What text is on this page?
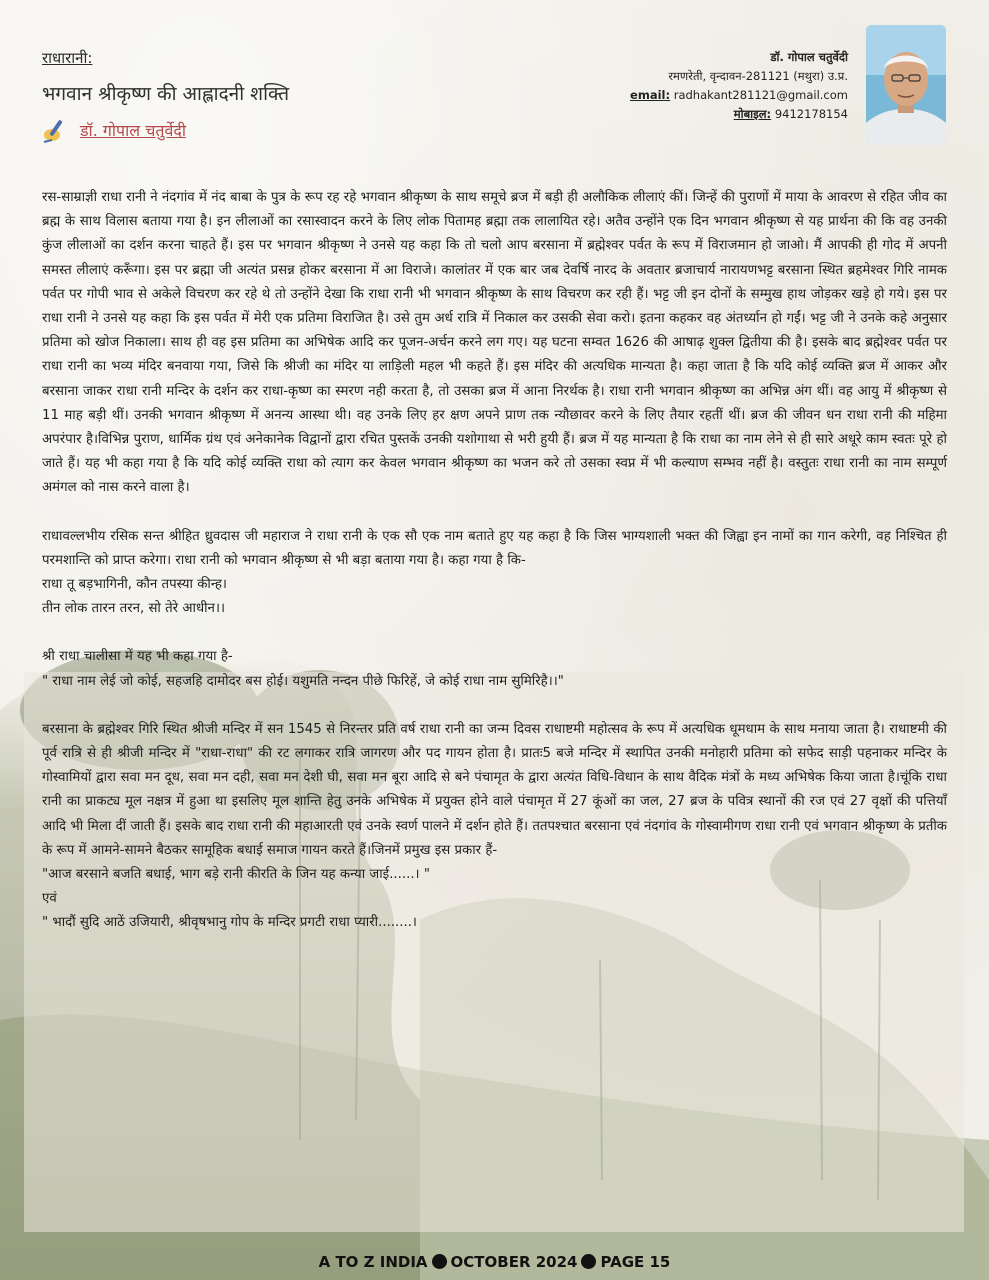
राधारानी:

भगवान श्रीकृष्ण की आह्लादनी शक्ति
डॉ. गोपाल चतुर्वेदी
डॉ. गोपाल चतुर्वेदी
रमणरेती, वृन्दावन-281121 (मथुरा) उ.प्र.
email: radhakant281121@gmail.com
मोबाइल: 9412178154

रस-साम्राज्ञी राधा रानी ने नंदगांव में नंद बाबा के पुत्र के रूप रह रहे भगवान श्रीकृष्ण के साथ समूचे ब्रज में बड़ी ही अलौकिक लीलाएं कीं। जिन्हें की पुराणों में माया के आवरण से रहित जीव का ब्रह्म के साथ विलास बताया गया है। इन लीलाओं का रसास्वादन करने के लिए लोक पितामह ब्रह्मा तक लालायित रहे। अतैव उन्होंने एक दिन भगवान श्रीकृष्ण से यह प्रार्थना की कि वह उनकी कुंज लीलाओं का दर्शन करना चाहते हैं। इस पर भगवान श्रीकृष्ण ने उनसे यह कहा कि तो चलो आप बरसाना में ब्रह्मेश्वर पर्वत के रूप में विराजमान हो जाओ। मैं आपकी ही गोद में अपनी समस्त लीलाएं करूँगा। इस पर ब्रह्मा जी अत्यंत प्रसन्न होकर बरसाना में आ विराजे। कालांतर में एक बार जब देवर्षि नारद के अवतार ब्रजाचार्य नारायणभट्ट बरसाना स्थित ब्रहमेश्वर गिरि नामक पर्वत पर गोपी भाव से अकेले विचरण कर रहे थे तो उन्होंने देखा कि राधा रानी भी भगवान श्रीकृष्ण के साथ विचरण कर रही हैं। भट्ट जी इन दोनों के सम्मुख हाथ जोड़कर खड़े हो गये। इस पर राधा रानी ने उनसे यह कहा कि इस पर्वत में मेरी एक प्रतिमा विराजित है। उसे तुम अर्ध रात्रि में निकाल कर उसकी सेवा करो। इतना कहकर वह अंतर्ध्यान हो गईं। भट्ट जी ने उनके कहे अनुसार प्रतिमा को खोज निकाला। साथ ही वह इस प्रतिमा का अभिषेक आदि कर पूजन-अर्चन करने लग गए। यह घटना सम्वत 1626 की आषाढ़ शुक्ल द्वितीया की है। इसके बाद ब्रह्मेश्वर पर्वत पर राधा रानी का भव्य मंदिर बनवाया गया, जिसे कि श्रीजी का मंदिर या लाड़िली महल भी कहते हैं। इस मंदिर की अत्यधिक मान्यता है। कहा जाता है कि यदि कोई व्यक्ति ब्रज में आकर और बरसाना जाकर राधा रानी मन्दिर के दर्शन कर राधा-कृष्ण का स्मरण नही करता है, तो उसका ब्रज में आना निरर्थक है। राधा रानी भगवान श्रीकृष्ण का अभिन्न अंग थीं। वह आयु में श्रीकृष्ण से 11 माह बड़ी थीं। उनकी भगवान श्रीकृष्ण में अनन्य आस्था थी। वह उनके लिए हर क्षण अपने प्राण तक न्यौछावर करने के लिए तैयार रहतीं थीं। ब्रज की जीवन धन राधा रानी की महिमा अपरंपार है।विभिन्न पुराण, धार्मिक ग्रंथ एवं अनेकानेक विद्वानों द्वारा रचित पुस्तकें उनकी यशोगाथा से भरी हुयी हैं। ब्रज में यह मान्यता है कि राधा का नाम लेने से ही सारे अधूरे काम स्वतः पूरे हो जाते हैं। यह भी कहा गया है कि यदि कोई व्यक्ति राधा को त्याग कर केवल भगवान श्रीकृष्ण का भजन करे तो उसका स्वप्न में भी कल्याण सम्भव नहीं है। वस्तुतः राधा रानी का नाम सम्पूर्ण अमंगल को नास करने वाला है।

राधावल्लभीय रसिक सन्त श्रीहित ध्रुवदास जी महाराज ने राधा रानी के एक सौ एक नाम बताते हुए यह कहा है कि जिस भाग्यशाली भक्त की जिह्वा इन नामों का गान करेगी, वह निश्चित ही परमशान्ति को प्राप्त करेगा। राधा रानी को भगवान श्रीकृष्ण से भी बड़ा बताया गया है। कहा गया है कि-

राधा तू बड़भागिनी, कौन तपस्या कीन्ह।

तीन लोक तारन तरन, सो तेरे आधीन।।

श्री राधा चालीसा में यह भी कहा गया है-

" राधा नाम लेई जो कोई, सहजहि दामोदर बस होई। यशुमति नन्दन पीछे फिरिहें, जे कोई राधा नाम सुमिरिहै।।"

बरसाना के ब्रह्मेश्वर गिरि स्थित श्रीजी मन्दिर में सन 1545 से निरन्तर प्रति वर्ष राधा रानी का जन्म दिवस राधाष्टमी महोत्सव के रूप में अत्यधिक धूमधाम के साथ मनाया जाता है। राधाष्टमी की पूर्व रात्रि से ही श्रीजी मन्दिर में "राधा-राधा" की रट लगाकर रात्रि जागरण और पद गायन होता है। प्रातः5 बजे मन्दिर में स्थापित उनकी मनोहारी प्रतिमा को सफेद साड़ी पहनाकर मन्दिर के गोस्वामियों द्वारा सवा मन दूध, सवा मन दही, सवा मन देशी घी, सवा मन बूरा आदि से बने पंचामृत के द्वारा अत्यंत विधि-विधान के साथ वैदिक मंत्रों के मध्य अभिषेक किया जाता है।चूंकि राधा रानी का प्राकट्य मूल नक्षत्र में हुआ था इसलिए मूल शान्ति हेतु उनके अभिषेक में प्रयुक्त होने वाले पंचामृत में 27 कूंओं का जल, 27 ब्रज के पवित्र स्थानों की रज एवं 27 वृक्षों की पत्तियाँ आदि भी मिला दीं जाती हैं। इसके बाद राधा रानी की महाआरती एवं उनके स्वर्ण पालने में दर्शन होते हैं। ततपश्चात बरसाना एवं नंदगांव के गोस्वामीगण राधा रानी एवं भगवान श्रीकृष्ण के प्रतीक के रूप में आमने-सामने बैठकर सामूहिक बधाई समाज गायन करते हैं।जिनमें प्रमुख इस प्रकार हैं-

"आज बरसाने बजति बधाई, भाग बड़े रानी कीरति के जिन यह कन्या जाई......। "

एवं

" भादौं सुदि आठें उजियारी, श्रीवृषभानु गोप के मन्दिर प्रगटी राधा प्यारी........।

A TO Z INDIA OCTOBER 2024 PAGE 15
